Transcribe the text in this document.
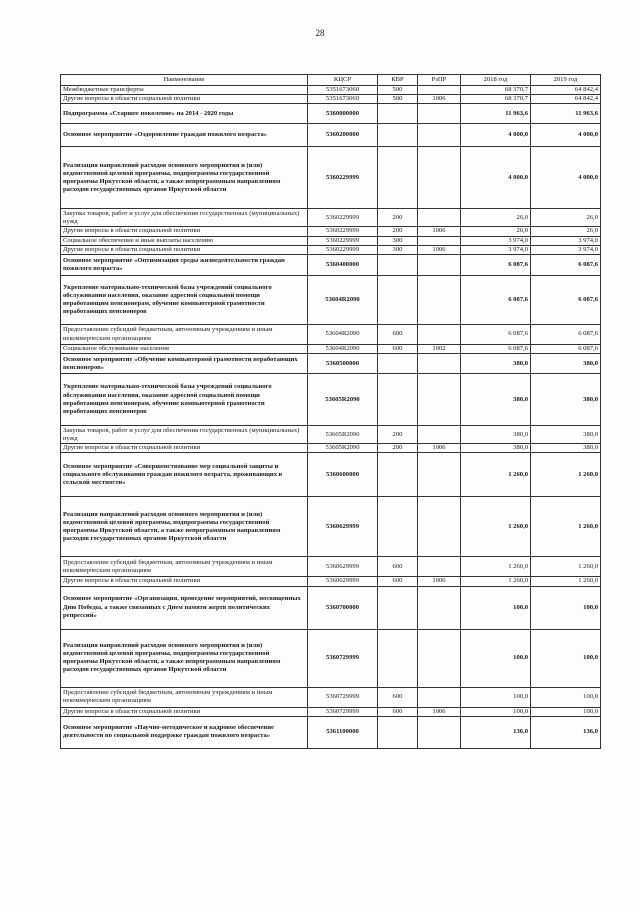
28
Наименование	КЦСР	КВР	РзПР	2018 год	2019 год
Межбюджетные трансферты	5351673060	500		68 370,7	64 842,4
Другие вопросы в области социальной политики	5351673060	500	1006	68 370,7	64 842,4
Подпрограмма «Старшее поколение» на 2014 - 2020 годы	5360000000			11 963,6	11 963,6
Основное мероприятие «Оздоровление граждан пожилого возраста»	5360200000			4 000,0	4 000,0
Реализация направлений расходов основного мероприятия и (или) ведомственной целевой программы, подпрограммы государственной программы Иркутской области, а также непрограммным направлениям расходов государственных органов Иркутской области	5360229999			4 000,0	4 000,0
Закупка товаров, работ и услуг для обеспечения государственных (муниципальных) нужд	5360229999	200		26,0	26,0
Другие вопросы в области социальной политики	5360229999	200	1006	26,0	26,0
Социальное обеспечение и иные выплаты населению	5360229999	300		3 974,0	3 974,0
Другие вопросы в области социальной политики	5360229999	300	1006	3 974,0	3 974,0
Основное мероприятие «Оптимизация среды жизнедеятельности граждан пожилого возраста»	5360400000			6 087,6	6 087,6
Укрепление материально-технической базы учреждений социального обслуживания населения, оказание адресной социальной помощи неработающим пенсионерам, обучение компьютерной грамотности неработающих пенсионеров	53604R2090			6 087,6	6 087,6
Предоставление субсидий бюджетным, автономным учреждениям и иным некоммерческим организациям	53604R2090	600		6 087,6	6 087,6
Социальное обслуживание населения	53604R2090	600	1002	6 087,6	6 087,6
Основное мероприятие «Обучение компьютерной грамотности неработающих пенсионеров»	5360500000			380,0	380,0
Укрепление материально-технической базы учреждений социального обслуживания населения, оказание адресной социальной помощи неработающим пенсионерам, обучение компьютерной грамотности неработающих пенсионеров	53605R2090			380,0	380,0
Закупка товаров, работ и услуг для обеспечения государственных (муниципальных) нужд	53605R2090	200		380,0	380,0
Другие вопросы в области социальной политики	53605R2090	200	1006	380,0	380,0
Основное мероприятие «Совершенствование мер социальной защиты и социального обслуживания граждан пожилого возраста, проживающих в сельской местности»	5360600000			1 260,0	1 260,0
Реализация направлений расходов основного мероприятия и (или) ведомственной целевой программы, подпрограммы государственной программы Иркутской области, а также непрограммным направлениям расходов государственных органов Иркутской области	5360629999			1 260,0	1 260,0
Предоставление субсидий бюджетным, автономным учреждениям и иным некоммерческим организациям	5360629999	600		1 260,0	1 260,0
Другие вопросы в области социальной политики	5360629999	600	1006	1 260,0	1 260,0
Основное мероприятие «Организация, проведение мероприятий, посвященных Дню Победы, а также связанных с Днем памяти жертв политических репрессий»	5360700000			100,0	100,0
Реализация направлений расходов основного мероприятия и (или) ведомственной целевой программы, подпрограммы государственной программы Иркутской области, а также непрограммным направлениям расходов государственных органов Иркутской области	5360729999			100,0	100,0
Предоставление субсидий бюджетным, автономным учреждениям и иным некоммерческим организациям	5360729999	600		100,0	100,0
Другие вопросы в области социальной политики	5360729999	600	1006	100,0	100,0
Основное мероприятие «Научно-методическое и кадровое обеспечение деятельности по социальной поддержке граждан пожилого возраста»	5361100000			136,0	136,0
